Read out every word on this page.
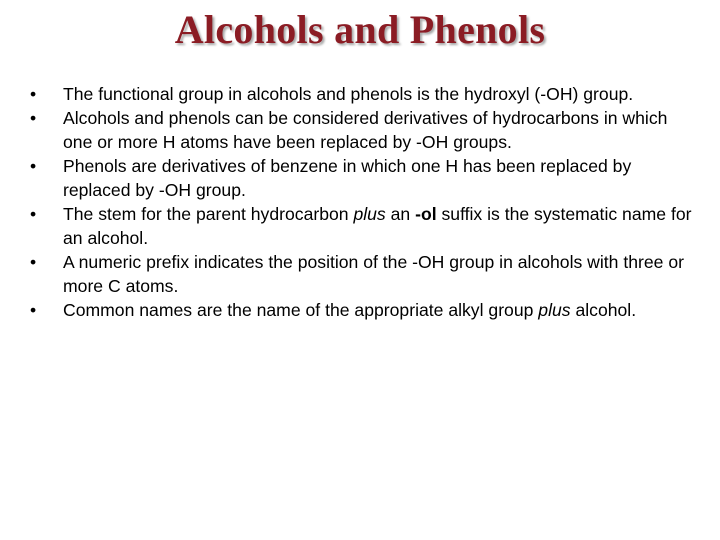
Alcohols and Phenols
•	The functional group in alcohols and phenols is the hydroxyl (-OH) group.
•	Alcohols and phenols can be considered derivatives of hydrocarbons in which one or more H atoms have been replaced by -OH groups.
•	Phenols are derivatives of benzene in which one H has been replaced by replaced by -OH group.
•	The stem for the parent hydrocarbon plus an -ol suffix is the systematic name for an alcohol.
•	A numeric prefix indicates the position of the -OH group in alcohols with three or more C atoms.
•	Common names are the name of the appropriate alkyl group plus alcohol.
